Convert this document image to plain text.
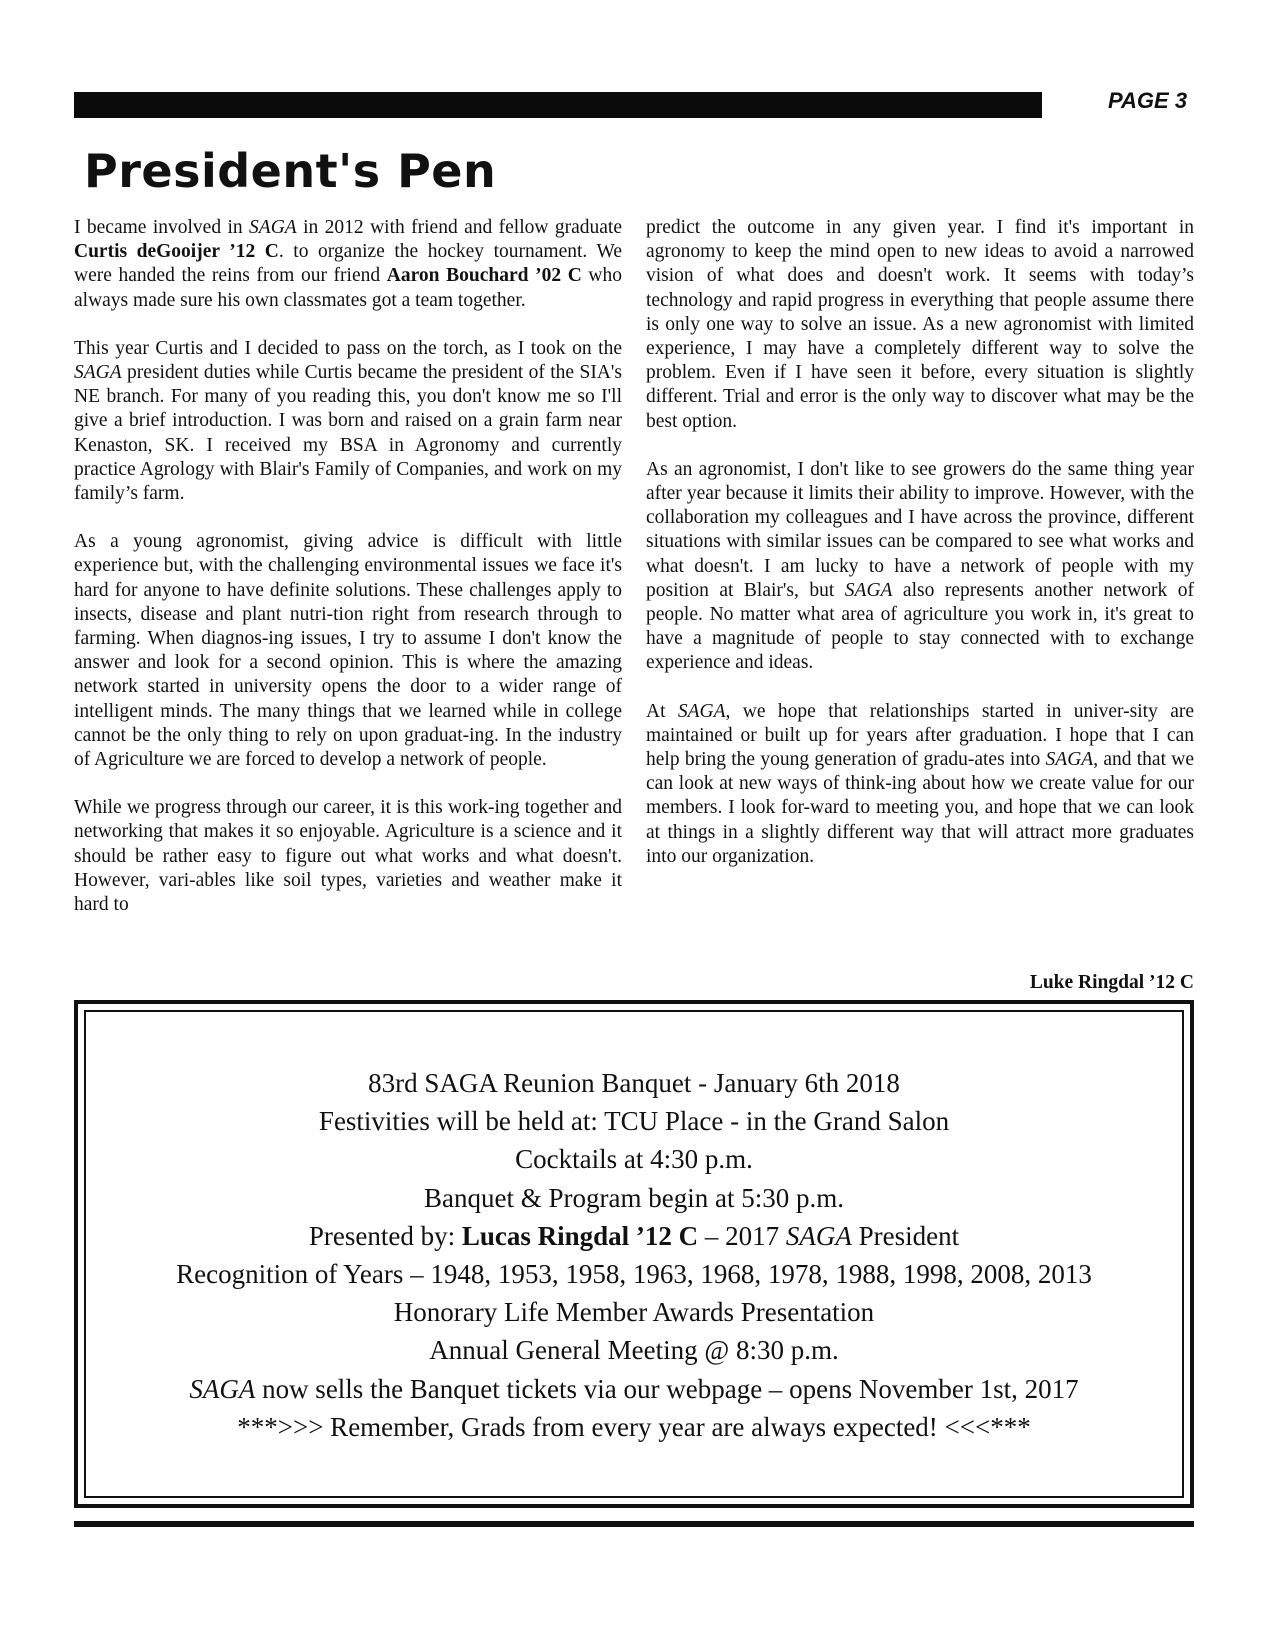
PAGE 3
President's Pen

I became involved in SAGA in 2012 with friend and fellow graduate Curtis deGooijer ’12 C. to organize the hockey tournament. We were handed the reins from our friend Aaron Bouchard ’02 C who always made sure his own classmates got a team together.

This year Curtis and I decided to pass on the torch, as I took on the SAGA president duties while Curtis became the president of the SIA's NE branch. For many of you reading this, you don't know me so I'll give a brief introduction. I was born and raised on a grain farm near Kenaston, SK. I received my BSA in Agronomy and currently practice Agrology with Blair's Family of Companies, and work on my family’s farm.

As a young agronomist, giving advice is difficult with little experience but, with the challenging environmental issues we face it's hard for anyone to have definite solutions. These challenges apply to insects, disease and plant nutri-tion right from research through to farming. When diagnos-ing issues, I try to assume I don't know the answer and look for a second opinion. This is where the amazing network started in university opens the door to a wider range of intelligent minds. The many things that we learned while in college cannot be the only thing to rely on upon graduat-ing. In the industry of Agriculture we are forced to develop a network of people.

While we progress through our career, it is this work-ing together and networking that makes it so enjoyable. Agriculture is a science and it should be rather easy to figure out what works and what doesn't. However, vari-ables like soil types, varieties and weather make it hard to

predict the outcome in any given year. I find it's important in agronomy to keep the mind open to new ideas to avoid a narrowed vision of what does and doesn't work. It seems with today’s technology and rapid progress in everything that people assume there is only one way to solve an issue. As a new agronomist with limited experience, I may have a completely different way to solve the problem. Even if I have seen it before, every situation is slightly different. Trial and error is the only way to discover what may be the best option.

As an agronomist, I don't like to see growers do the same thing year after year because it limits their ability to improve. However, with the collaboration my colleagues and I have across the province, different situations with similar issues can be compared to see what works and what doesn't. I am lucky to have a network of people with my position at Blair's, but SAGA also represents another network of people. No matter what area of agriculture you work in, it's great to have a magnitude of people to stay connected with to exchange experience and ideas.

At SAGA, we hope that relationships started in univer-sity are maintained or built up for years after graduation. I hope that I can help bring the young generation of gradu-ates into SAGA, and that we can look at new ways of think-ing about how we create value for our members. I look for-ward to meeting you, and hope that we can look at things in a slightly different way that will attract more graduates into our organization.

Luke Ringdal ’12 C
83rd SAGA Reunion Banquet - January 6th 2018
Festivities will be held at: TCU Place - in the Grand Salon
Cocktails at 4:30 p.m.
Banquet & Program begin at 5:30 p.m.
Presented by: Lucas Ringdal ’12 C – 2017 SAGA President
Recognition of Years – 1948, 1953, 1958, 1963, 1968, 1978, 1988, 1998, 2008, 2013
Honorary Life Member Awards Presentation
Annual General Meeting @ 8:30 p.m.
SAGA now sells the Banquet tickets via our webpage – opens November 1st, 2017
***>>> Remember, Grads from every year are always expected! <<<***
